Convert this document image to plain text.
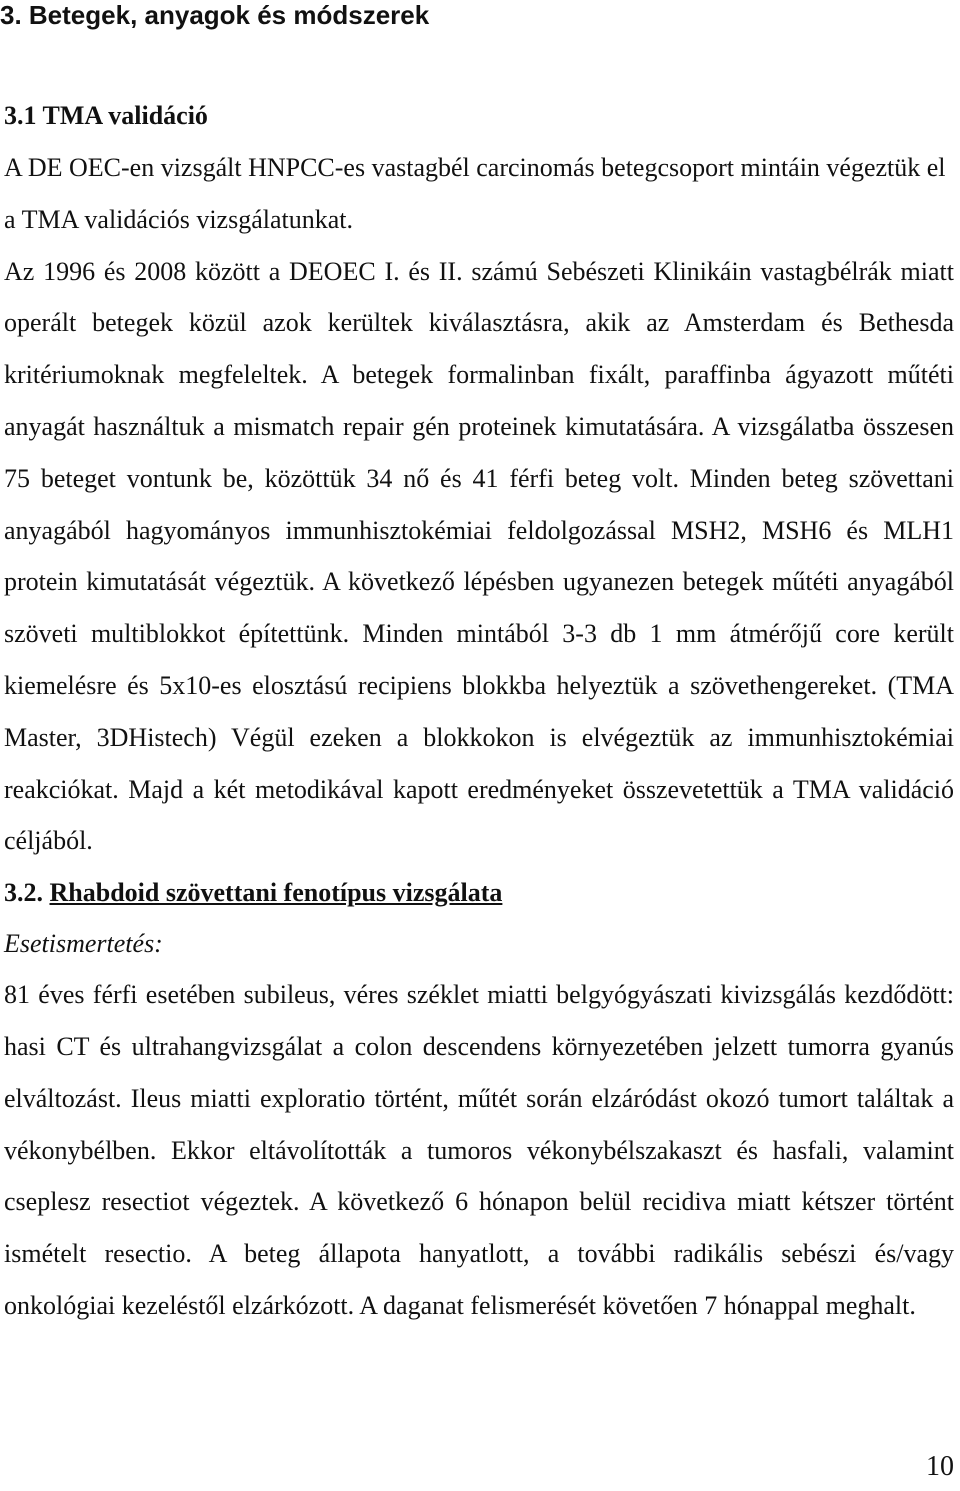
3. Betegek, anyagok és módszerek
3.1 TMA validáció

A DE OEC-en vizsgált HNPCC-es vastagbél carcinomás betegcsoport mintáin végeztük el a TMA validációs vizsgálatunkat.

Az 1996 és 2008 között a DEOEC I. és II. számú Sebészeti Klinikáin vastagbélrák miatt operált betegek közül azok kerültek kiválasztásra, akik az Amsterdam és Bethesda kritériumoknak megfeleltek. A betegek formalinban fixált, paraffinba ágyazott műtéti anyagát használtuk a mismatch repair gén proteinek kimutatására. A vizsgálatba összesen 75 beteget vontunk be, közöttük 34 nő és 41 férfi beteg volt. Minden beteg szövettani anyagából hagyományos immunhisztokémiai feldolgozással MSH2, MSH6 és MLH1 protein kimutatását végeztük. A következő lépésben ugyanezen betegek műtéti anyagából szöveti multiblokkot építettünk. Minden mintából 3-3 db 1 mm átmérőjű core került kiemelésre és 5x10-es elosztású recipiens blokkba helyeztük a szövethengereket. (TMA Master, 3DHistech) Végül ezeken a blokkokon is elvégeztük az immunhisztokémiai reakciókat. Majd a két metodikával kapott eredményeket összevetettük a TMA validáció céljából.

3.2. Rhabdoid szövettani fenotípus vizsgálata

Esetismertetés:

81 éves férfi esetében subileus, véres széklet miatti belgyógyászati kivizsgálás kezdődött: hasi CT és ultrahangvizsgálat a colon descendens környezetében jelzett tumorra gyanús elváltozást. Ileus miatti exploratio történt, műtét során elzáródást okozó tumort találtak a vékonybélben. Ekkor eltávolították a tumoros vékonybélszakaszt és hasfali, valamint cseplesz resectiot végeztek. A következő 6 hónapon belül recidiva miatt kétszer történt ismételt resectio. A beteg állapota hanyatlott, a további radikális sebészi és/vagy onkológiai kezeléstől elzárkózott. A daganat felismerését követően 7 hónappal meghalt.

10
